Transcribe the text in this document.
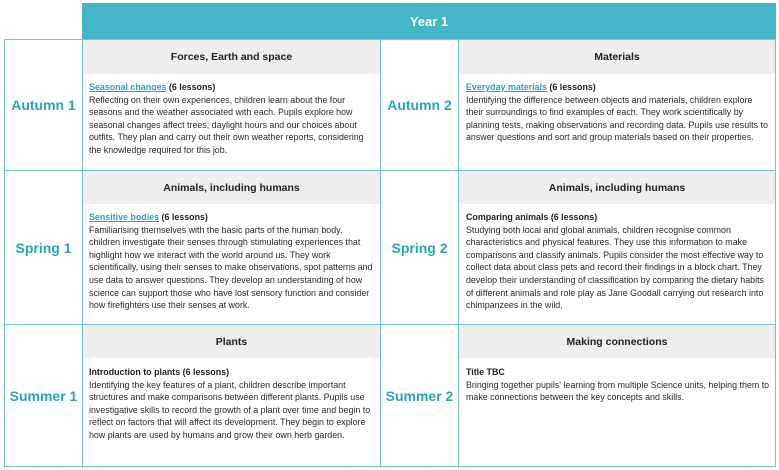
Year 1
Autumn 1
Forces, Earth and space
Seasonal changes (6 lessons)
Reflecting on their own experiences, children learn about the four seasons and the weather associated with each. Pupils explore how seasonal changes affect trees, daylight hours and our choices about outfits. They plan and carry out their own weather reports, considering the knowledge required for this job.
Autumn 2
Materials
Everyday materials (6 lessons)
Identifying the difference between objects and materials, children explore their surroundings to find examples of each. They work scientifically by planning tests, making observations and recording data. Pupils use results to answer questions and sort and group materials based on their properties.
Spring 1
Animals, including humans
Sensitive bodies (6 lessons)
Familiarising themselves with the basic parts of the human body, children investigate their senses through stimulating experiences that highlight how we interact with the world around us. They work scientifically, using their senses to make observations, spot patterns and use data to answer questions. They develop an understanding of how science can support those who have lost sensory function and consider how firefighters use their senses at work.
Spring 2
Animals, including humans
Comparing animals (6 lessons)
Studying both local and global animals, children recognise common characteristics and physical features. They use this information to make comparisons and classify animals. Pupils consider the most effective way to collect data about class pets and record their findings in a block chart. They develop their understanding of classification by comparing the dietary habits of different animals and role play as Jane Goodall carrying out research into chimpanzees in the wild.
Summer 1
Plants
Introduction to plants (6 lessons)
Identifying the key features of a plant, children describe important structures and make comparisons between different plants. Pupils use investigative skills to record the growth of a plant over time and begin to reflect on factors that will affect its development. They begin to explore how plants are used by humans and grow their own herb garden.
Summer 2
Making connections
Title TBC
Bringing together pupils' learning from multiple Science units, helping them to make connections between the key concepts and skills.
